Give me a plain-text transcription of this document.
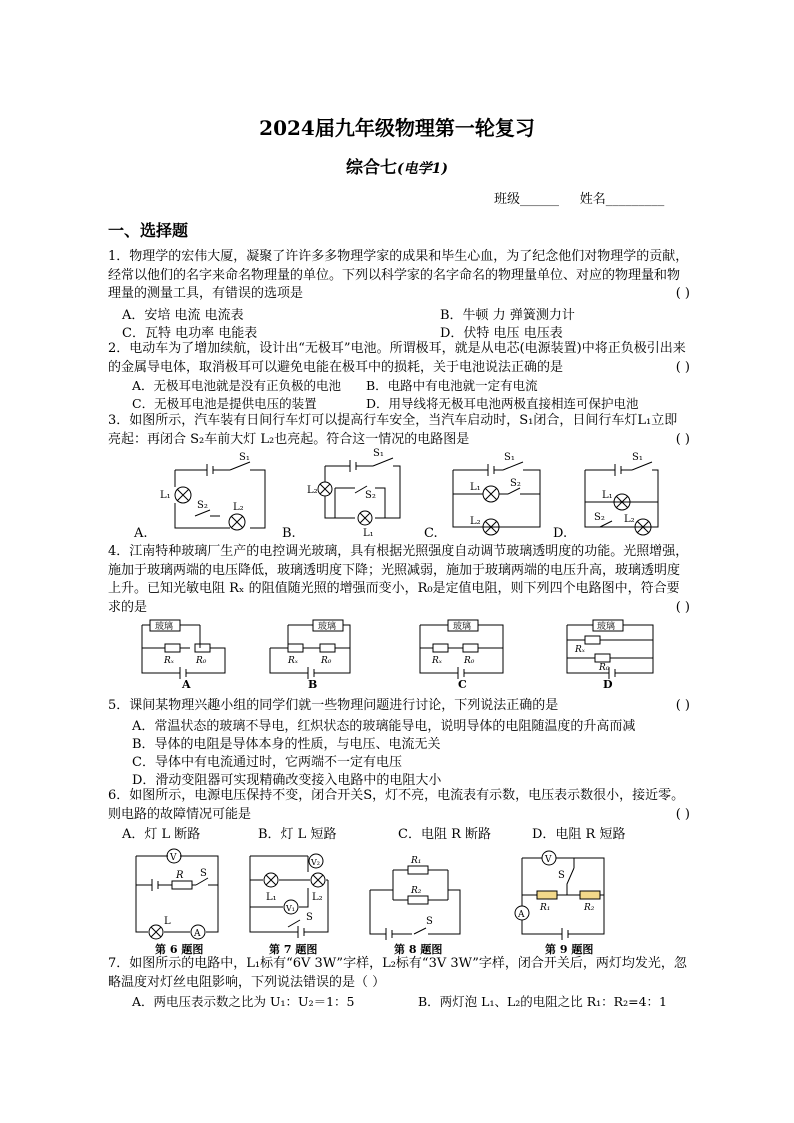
2024届九年级物理第一轮复习
综合七(电学1)
班级______ 姓名_________
一、选择题
1．物理学的宏伟大厦，凝聚了许许多多物理学家的成果和毕生心血，为了纪念他们对物理学的贡献，经常以他们的名字来命名物理量的单位。下列以科学家的名字命名的物理量单位、对应的物理量和物理量的测量工具，有错误的选项是	( )
A．安培 电流 电流表	B．牛顿 力 弹簧测力计
C．瓦特 电功率 电能表	D．伏特 电压 电压表
2．电动车为了增加续航，设计出“无极耳”电池。所谓极耳，就是从电芯(电源装置)中将正负极引出来的金属导电体，取消极耳可以避免电能在极耳中的损耗，关于电池说法正确的是	( )
A．无极耳电池就是没有正负极的电池 B．电路中有电池就一定有电流
C．无极耳电池是提供电压的装置	D．用导线将无极耳电池两极直接相连可保护电池
3．如图所示，汽车装有日间行车灯可以提高行车安全，当汽车启动时，S₁闭合，日间行车灯L₁立即亮起：再闭合 S₂车前大灯 L₂也亮起。符合这一情况的电路图是	( )
S₁
L₁
S₂	L₂
A.
S₁
L₂	S₂
L₁
B.
S₁
L₁	S₂
L₂
C.
S₁
L₁
S₂ L₂
D.
4．江南特种玻璃厂生产的电控调光玻璃，具有根据光照强度自动调节玻璃透明度的功能。光照增强，施加于玻璃两端的电压降低，玻璃透明度下降；光照减弱，施加于玻璃两端的电压升高，玻璃透明度上升。已知光敏电阻 Rₓ 的阻值随光照的增强而变小，R₀是定值电阻，则下列四个电路图中，符合要求的是	( )
玻璃
Rₓ R₀
A
玻璃
Rₓ	R₀
B
玻璃
Rₓ R₀
C
玻璃
Rₓ
R₀
D
5．课间某物理兴趣小组的同学们就一些物理问题进行讨论，下列说法正确的是	( )
A．常温状态的玻璃不导电，红炽状态的玻璃能导电，说明导体的电阻随温度的升高而减
B．导体的电阻是导体本身的性质，与电压、电流无关
C．导体中有电流通过时，它两端不一定有电压
D．滑动变阻器可实现精确改变接入电路中的电阻大小
6．如图所示，电源电压保持不变，闭合开关S，灯不亮，电流表有示数，电压表示数很小，接近零。则电路的故障情况可能是	( )
A．灯 L 断路	B．灯 L 短路	C．电阻 R 断路	D．电阻 R 短路
V
R S
L
A
第 6 题图
V₂
V₁
L₁	L₂
S
第 7 题图
R₁
R₂
S
第 8 题图
V
S
R₁	R₂
A
第 9 题图
7．如图所示的电路中，L₁标有“6V 3W”字样，L₂标有“3V 3W”字样，闭合开关后，两灯均发光，忽略温度对灯丝电阻影响，下列说法错误的是（ ）
A．两电压表示数之比为 U₁：U₂＝1：5	B．两灯泡 L₁、L₂的电阻之比 R₁：R₂=4：1
